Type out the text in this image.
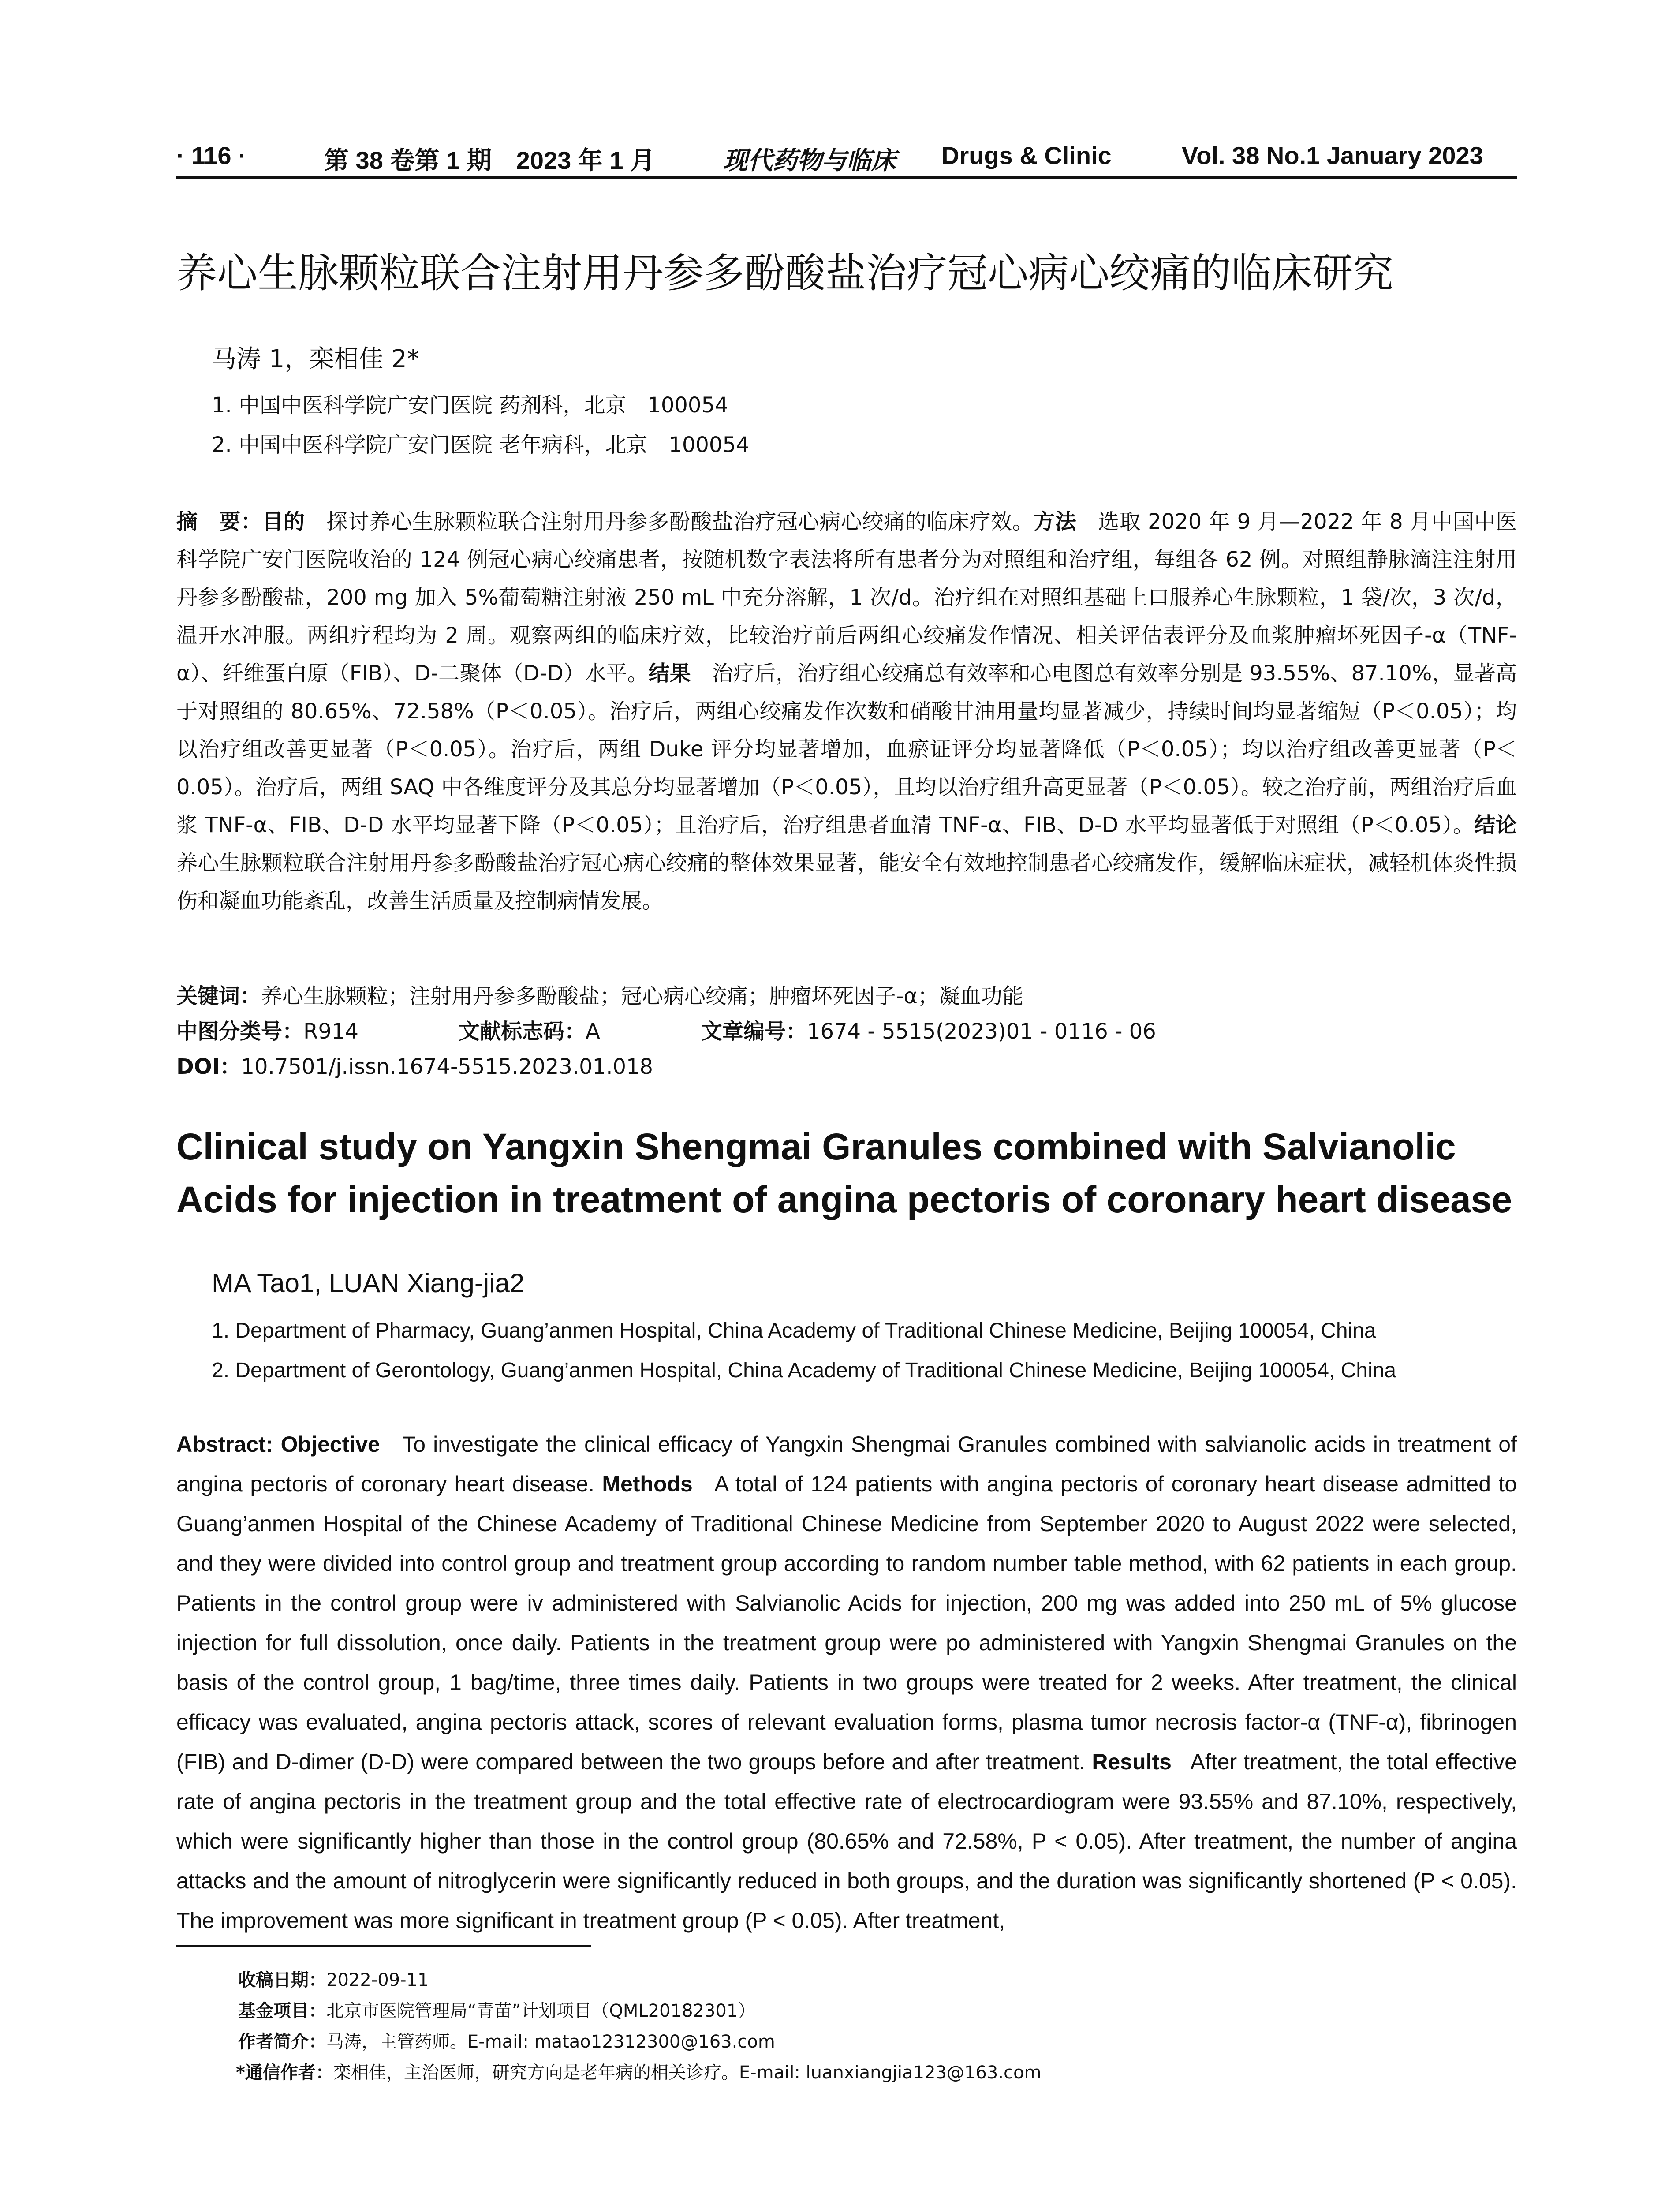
· 116 ·	第 38 卷第 1 期　2023 年 1 月	现代药物与临床 Drugs & Clinic	Vol. 38 No.1 January 2023
养心生脉颗粒联合注射用丹参多酚酸盐治疗冠心病心绞痛的临床研究
马涛 1，栾相佳 2*
1. 中国中医科学院广安门医院 药剂科，北京　100054
2. 中国中医科学院广安门医院 老年病科，北京　100054
摘　要：目的　 探讨养心生脉颗粒联合注射用丹参多酚酸盐治疗冠心病心绞痛的临床疗效。方法　 选取 2020 年 9 月—2022 年 8 月中国中医科学院广安门医院收治的 124 例冠心病心绞痛患者，按随机数字表法将所有患者分为对照组和治疗组，每组各 62 例。对照组静脉滴注注射用丹参多酚酸盐，200 mg 加入 5%葡萄糖注射液 250 mL 中充分溶解，1 次/d。治疗组在对照组基础上口服养心生脉颗粒，1 袋/次，3 次/d，温开水冲服。两组疗程均为 2 周。观察两组的临床疗效，比较治疗前后两组心绞痛发作情况、相关评估表评分及血浆肿瘤坏死因子-α（TNF-α）、纤维蛋白原（FIB）、D-二聚体（D-D）水平。结果　 治疗后，治疗组心绞痛总有效率和心电图总有效率分别是 93.55%、87.10%，显著高于对照组的 80.65%、72.58%（P＜0.05）。治疗后，两组心绞痛发作次数和硝酸甘油用量均显著减少，持续时间均显著缩短（P＜0.05）；均以治疗组改善更显著（P＜0.05）。治疗后，两组 Duke 评分均显著增加，血瘀证评分均显著降低（P＜0.05）；均以治疗组改善更显著（P＜0.05）。治疗后，两组 SAQ 中各维度评分及其总分均显著增加（P＜0.05），且均以治疗组升高更显著（P＜0.05）。较之治疗前，两组治疗后血浆 TNF-α、FIB、D-D 水平均显著下降（P＜0.05）；且治疗后，治疗组患者血清 TNF-α、FIB、D-D 水平均显著低于对照组（P＜0.05）。结论　养心生脉颗粒联合注射用丹参多酚酸盐治疗冠心病心绞痛的整体效果显著，能安全有效地控制患者心绞痛发作，缓解临床症状，减轻机体炎性损伤和凝血功能紊乱，改善生活质量及控制病情发展。
关键词：养心生脉颗粒；注射用丹参多酚酸盐；冠心病心绞痛；肿瘤坏死因子-α；凝血功能
中图分类号：R914	文献标志码：A	文章编号：1674 - 5515(2023)01 - 0116 - 06
DOI：10.7501/j.issn.1674-5515.2023.01.018
Clinical study on Yangxin Shengmai Granules combined with Salvianolic Acids for injection in treatment of angina pectoris of coronary heart disease
MA Tao1, LUAN Xiang-jia2
1. Department of Pharmacy, Guang’anmen Hospital, China Academy of Traditional Chinese Medicine, Beijing 100054, China
2. Department of Gerontology, Guang’anmen Hospital, China Academy of Traditional Chinese Medicine, Beijing 100054, China
Abstract: Objective To investigate the clinical efficacy of Yangxin Shengmai Granules combined with salvianolic acids in treatment of angina pectoris of coronary heart disease. Methods A total of 124 patients with angina pectoris of coronary heart disease admitted to Guang’anmen Hospital of the Chinese Academy of Traditional Chinese Medicine from September 2020 to August 2022 were selected, and they were divided into control group and treatment group according to random number table method, with 62 patients in each group. Patients in the control group were iv administered with Salvianolic Acids for injection, 200 mg was added into 250 mL of 5% glucose injection for full dissolution, once daily. Patients in the treatment group were po administered with Yangxin Shengmai Granules on the basis of the control group, 1 bag/time, three times daily. Patients in two groups were treated for 2 weeks. After treatment, the clinical efficacy was evaluated, angina pectoris attack, scores of relevant evaluation forms, plasma tumor necrosis factor-α (TNF-α), fibrinogen (FIB) and D-dimer (D-D) were compared between the two groups before and after treatment. Results After treatment, the total effective rate of angina pectoris in the treatment group and the total effective rate of electrocardiogram were 93.55% and 87.10%, respectively, which were significantly higher than those in the control group (80.65% and 72.58%, P < 0.05). After treatment, the number of angina attacks and the amount of nitroglycerin were significantly reduced in both groups, and the duration was significantly shortened (P < 0.05). The improvement was more significant in treatment group (P < 0.05). After treatment,
收稿日期：2022-09-11
基金项目：北京市医院管理局“青苗”计划项目（QML20182301）
作者简介：马涛，主管药师。E-mail: matao12312300@163.com
*通信作者：栾相佳，主治医师，研究方向是老年病的相关诊疗。E-mail: luanxiangjia123@163.com
